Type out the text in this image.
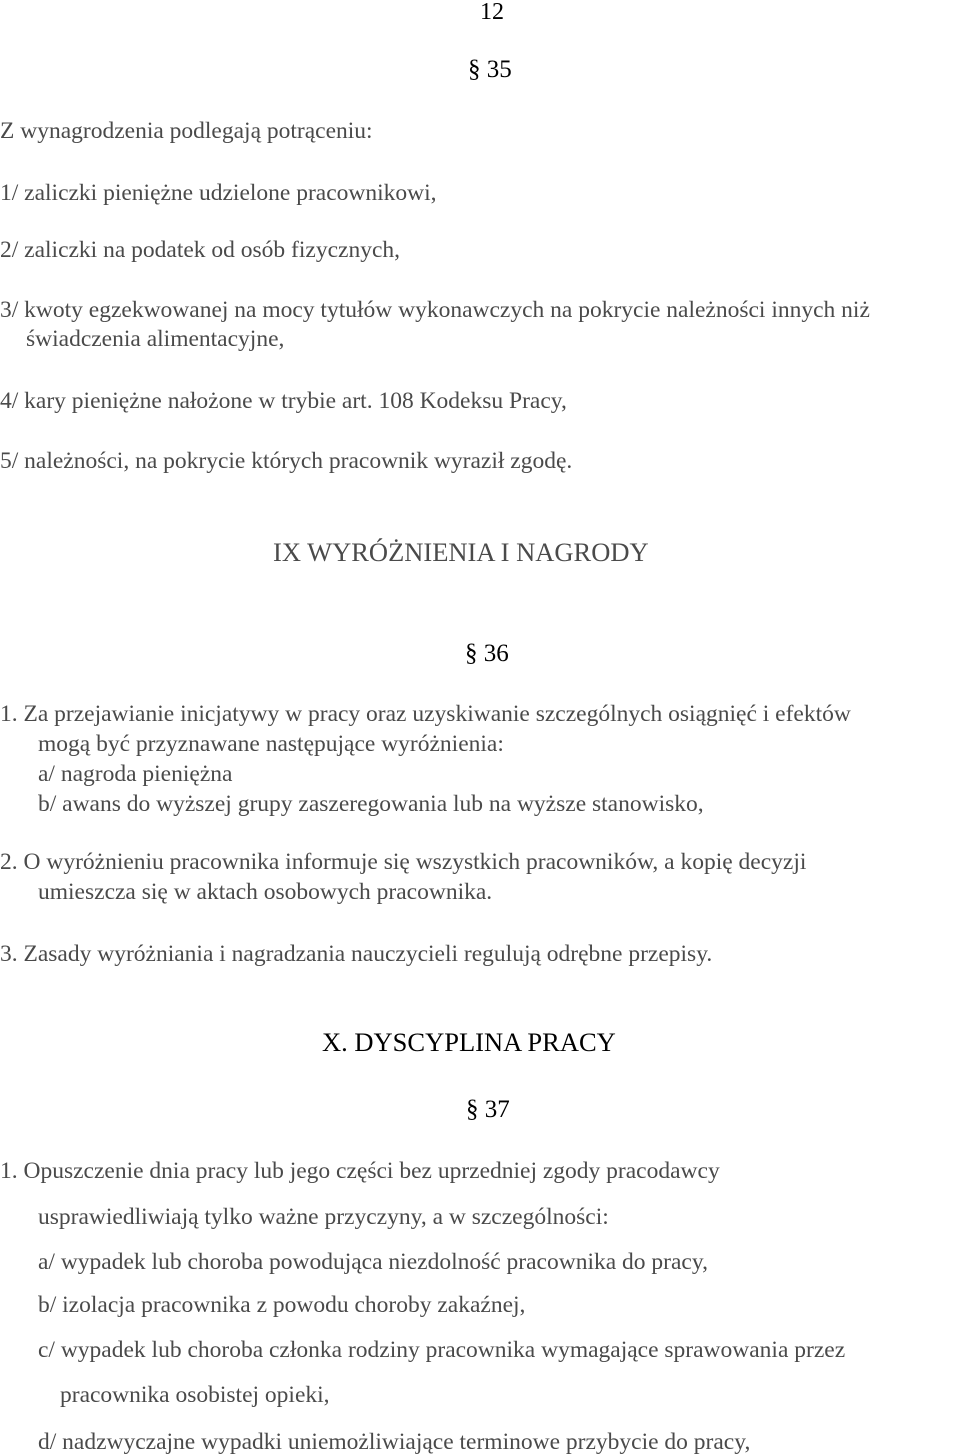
12
§ 35
Z wynagrodzenia podlegają potrąceniu:
1/ zaliczki pieniężne udzielone pracownikowi,
2/ zaliczki na podatek od osób fizycznych,
3/ kwoty egzekwowanej na mocy tytułów wykonawczych na pokrycie należności innych niż
świadczenia alimentacyjne,
4/ kary pieniężne nałożone w trybie art. 108 Kodeksu Pracy,
5/ należności, na pokrycie których pracownik wyraził zgodę.
IX WYRÓŻNIENIA I NAGRODY
§ 36
1. Za przejawianie inicjatywy w pracy oraz uzyskiwanie szczególnych osiągnięć i efektów
mogą być przyznawane następujące wyróżnienia:
a/ nagroda pieniężna
b/ awans do wyższej grupy zaszeregowania lub na wyższe stanowisko,
2. O wyróżnieniu pracownika informuje się wszystkich pracowników, a kopię decyzji
umieszcza się w aktach osobowych pracownika.
3. Zasady wyróżniania i nagradzania nauczycieli regulują odrębne przepisy.
X. DYSCYPLINA PRACY
§ 37
1. Opuszczenie dnia pracy lub jego części bez uprzedniej zgody pracodawcy
usprawiedliwiają tylko ważne przyczyny, a w szczególności:
a/ wypadek lub choroba powodująca niezdolność pracownika do pracy,
b/ izolacja pracownika z powodu choroby zakaźnej,
c/ wypadek lub choroba członka rodziny pracownika wymagające sprawowania przez
pracownika osobistej opieki,
d/ nadzwyczajne wypadki uniemożliwiające terminowe przybycie do pracy,
